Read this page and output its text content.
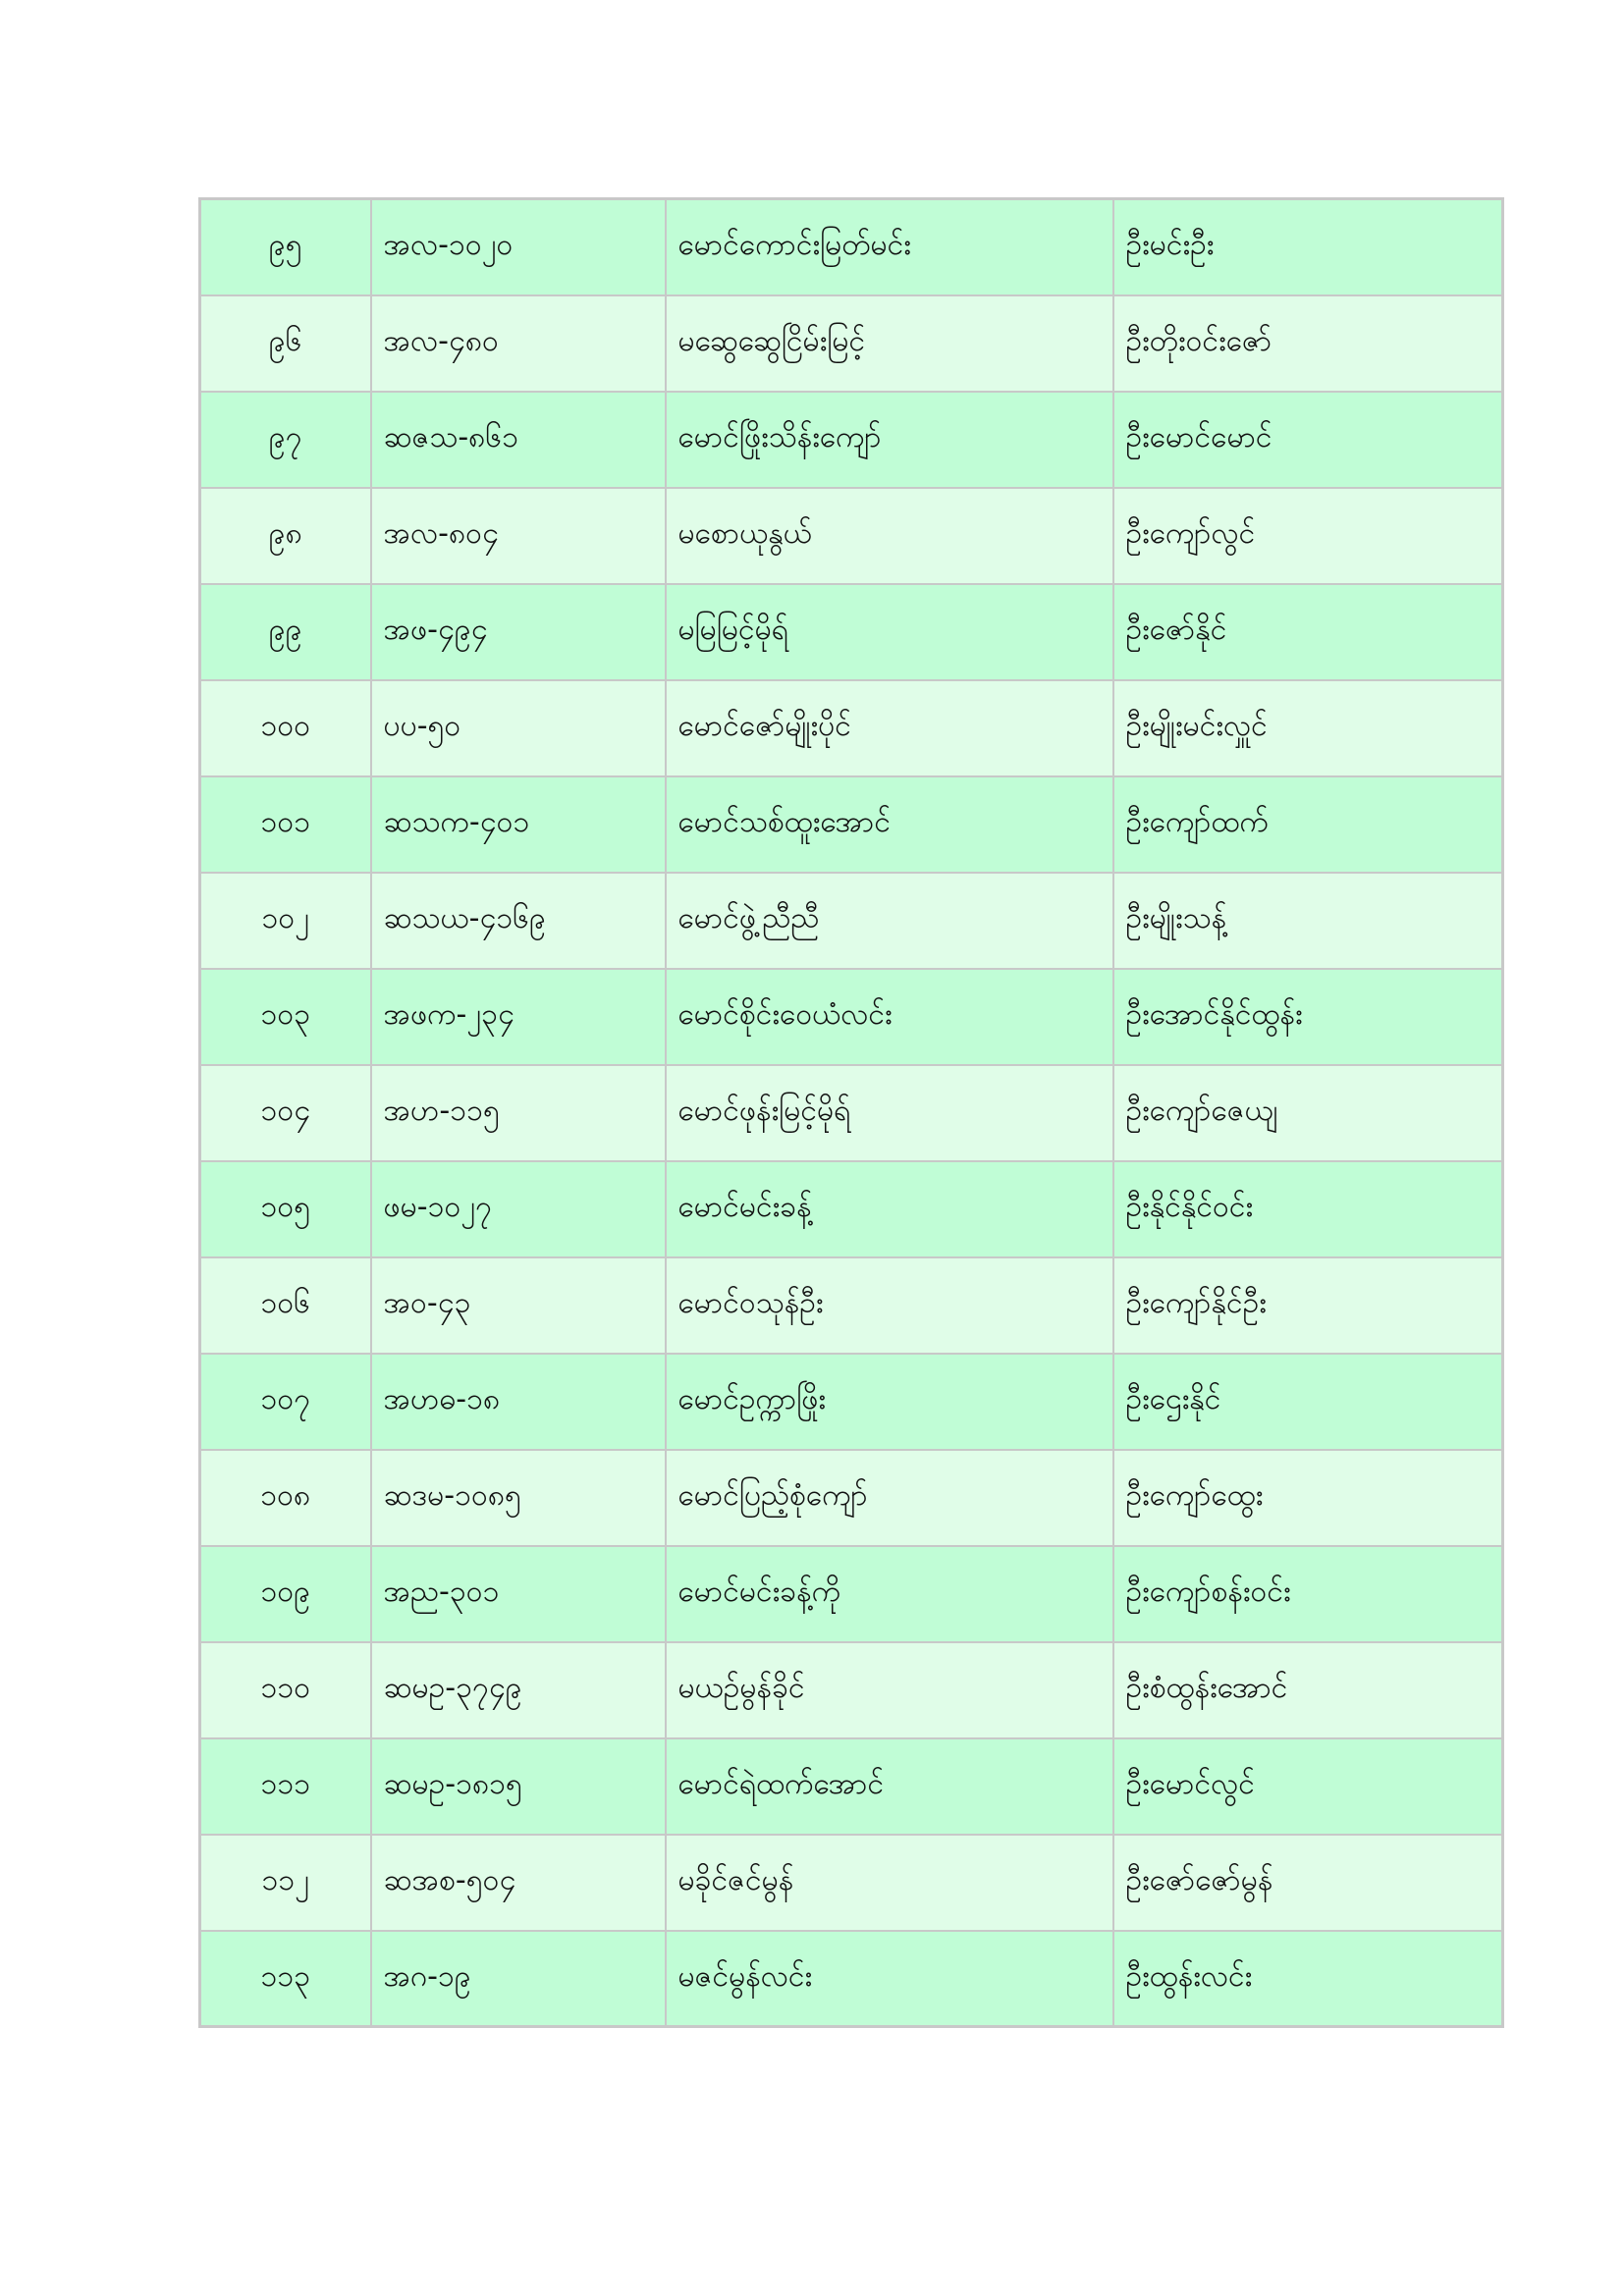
၉၅	အလ-၁၀၂၀	မောင်ကောင်းမြတ်မင်း	ဦးမင်းဦး
၉၆	အလ-၄၈၀	မဆွေဆွေငြိမ်းမြင့်	ဦးတိုးဝင်းဇော်
၉၇	ဆဇသ-၈၆၁	မောင်ဖြိုးသိန်းကျော်	ဦးမောင်မောင်
၉၈	အလ-၈၀၄	မစောယုနွယ်	ဦးကျော်လွင်
၉၉	အဖ-၄၉၄	မမြမြင့်မိုရ်	ဦးဇော်နိုင်
၁၀၀	ပပ-၅၀	မောင်ဇော်မျိုးပိုင်	ဦးမျိုးမင်းလှူင်
၁၀၁	ဆသက-၄၀၁	မောင်သစ်ထူးအောင်	ဦးကျော်ထက်
၁၀၂	ဆသယ-၄၁၆၉	မောင်ဖွဲ့ညီညီ	ဦးမျိုးသန့်
၁၀၃	အဖက-၂၃၄	မောင်စိုင်းဝေယံလင်း	ဦးအောင်နိုင်ထွန်း
၁၀၄	အဟ-၁၁၅	မောင်ဖုန်းမြင့်မိုရ်	ဦးကျော်ဇေယျ
၁၀၅	ဖမ-၁၀၂၇	မောင်မင်းခန့်	ဦးနိုင်နိုင်ဝင်း
၁၀၆	အဝ-၄၃	မောင်ဝသုန်ဦး	ဦးကျော်နိုင်ဦး
၁၀၇	အဟဓ-၁၈	မောင်ဥက္ကာဖြိုး	ဦးဌေးနိုင်
၁၀၈	ဆဒမ-၁၀၈၅	မောင်ပြည့်စုံကျော်	ဦးကျော်ထွေး
၁၀၉	အည-၃၀၁	မောင်မင်းခန့်ကို	ဦးကျော်စန်းဝင်း
၁၁၀	ဆမဥ-၃၇၄၉	မယဉ်မွန်ခိုင်	ဦးစံထွန်းအောင်
၁၁၁	ဆမဥ-၁၈၁၅	မောင်ရဲထက်အောင်	ဦးမောင်လွင်
၁၁၂	ဆအစ-၅၀၄	မခိုင်ဇင်မွန်	ဦးဇော်ဇော်မွန်
၁၁၃	အဂ-၁၉	မဇင်မွန်လင်း	ဦးထွန်းလင်း
